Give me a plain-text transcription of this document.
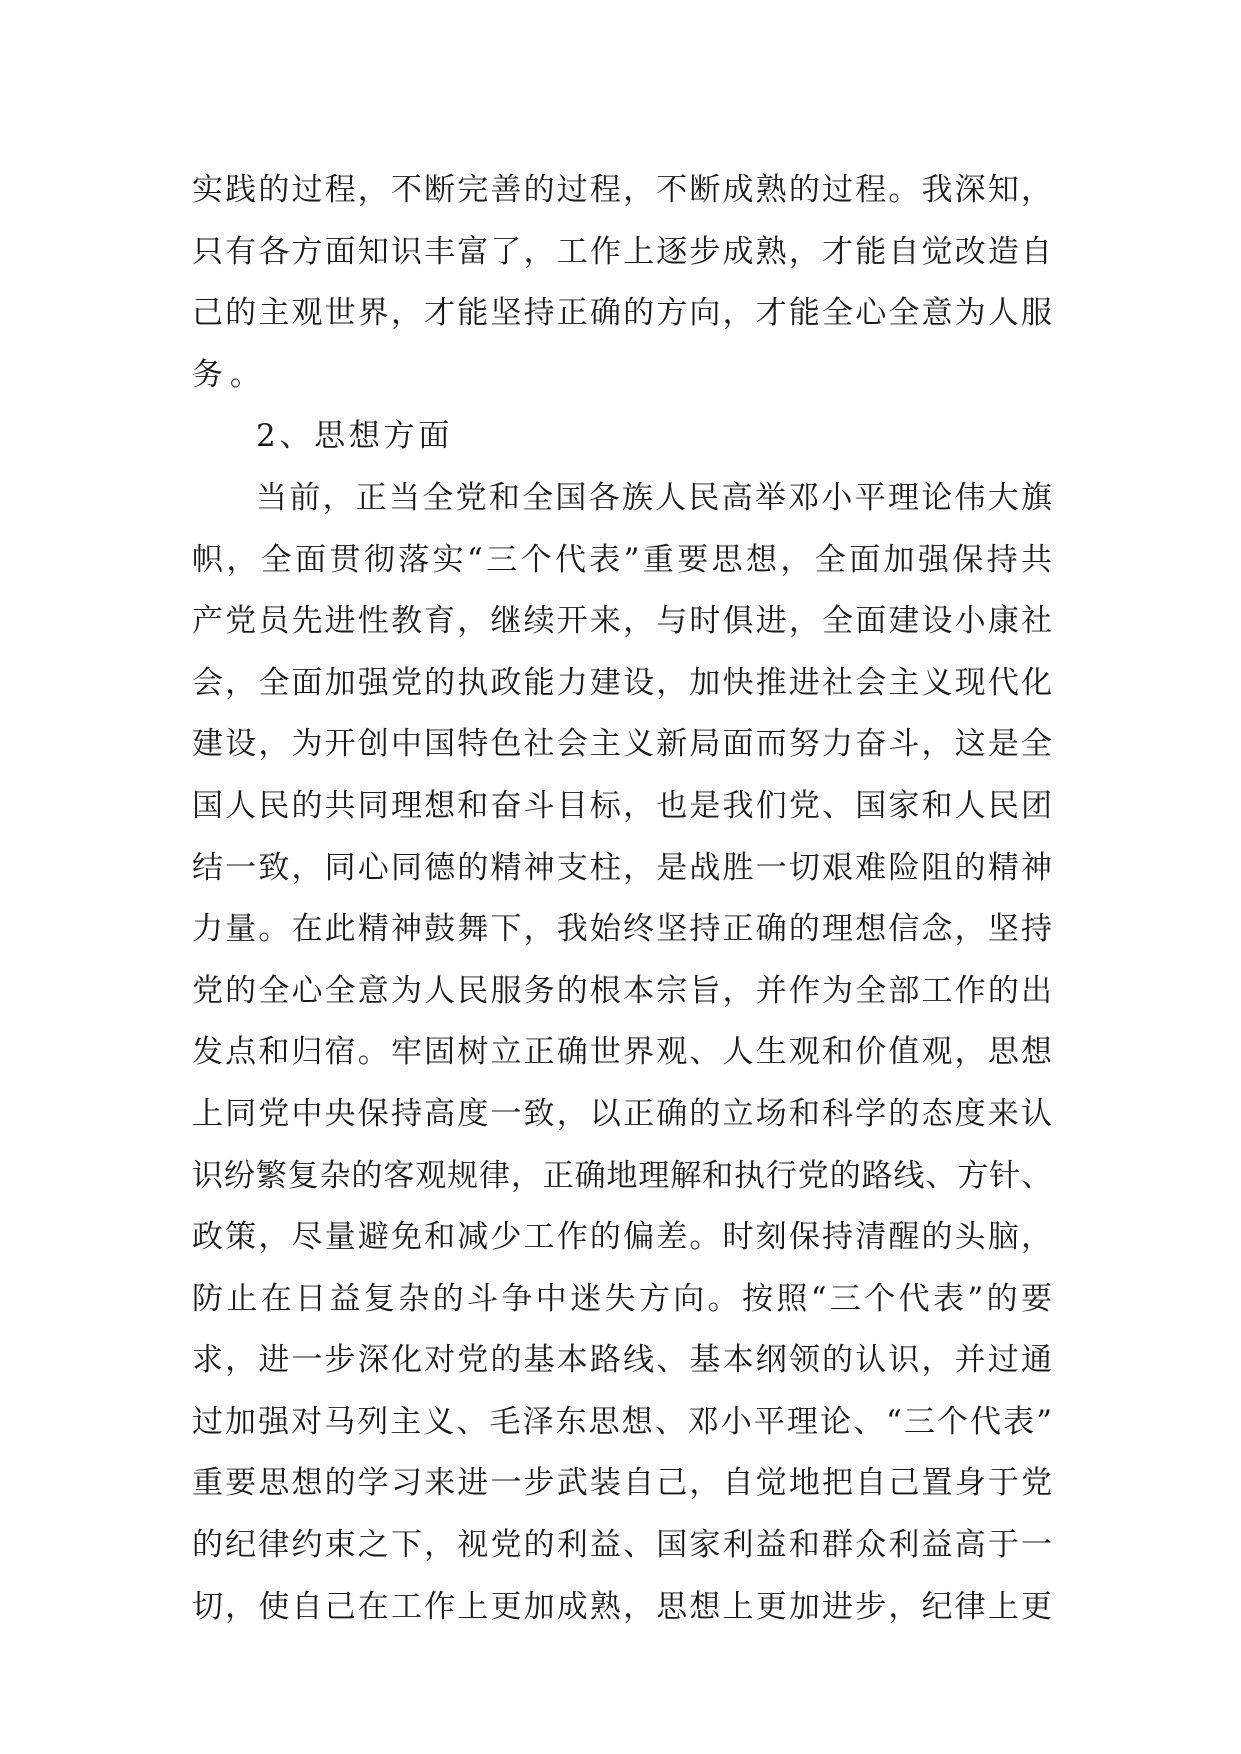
实践的过程，不断完善的过程，不断成熟的过程。我深知，
只有各方面知识丰富了，工作上逐步成熟，才能自觉改造自
己的主观世界，才能坚持正确的方向，才能全心全意为人服
务。
2、思想方面
当前，正当全党和全国各族人民高举邓小平理论伟大旗
帜，全面贯彻落实“三个代表”重要思想，全面加强保持共
产党员先进性教育，继续开来，与时俱进，全面建设小康社
会，全面加强党的执政能力建设，加快推进社会主义现代化
建设，为开创中国特色社会主义新局面而努力奋斗，这是全
国人民的共同理想和奋斗目标，也是我们党、国家和人民团
结一致，同心同德的精神支柱，是战胜一切艰难险阻的精神
力量。在此精神鼓舞下，我始终坚持正确的理想信念，坚持
党的全心全意为人民服务的根本宗旨，并作为全部工作的出
发点和归宿。牢固树立正确世界观、人生观和价值观，思想
上同党中央保持高度一致，以正确的立场和科学的态度来认
识纷繁复杂的客观规律，正确地理解和执行党的路线、方针、
政策，尽量避免和减少工作的偏差。时刻保持清醒的头脑，
防止在日益复杂的斗争中迷失方向。按照“三个代表”的要
求，进一步深化对党的基本路线、基本纲领的认识，并过通
过加强对马列主义、毛泽东思想、邓小平理论、“三个代表”
重要思想的学习来进一步武装自己，自觉地把自己置身于党
的纪律约束之下，视党的利益、国家利益和群众利益高于一
切，使自己在工作上更加成熟，思想上更加进步，纪律上更
